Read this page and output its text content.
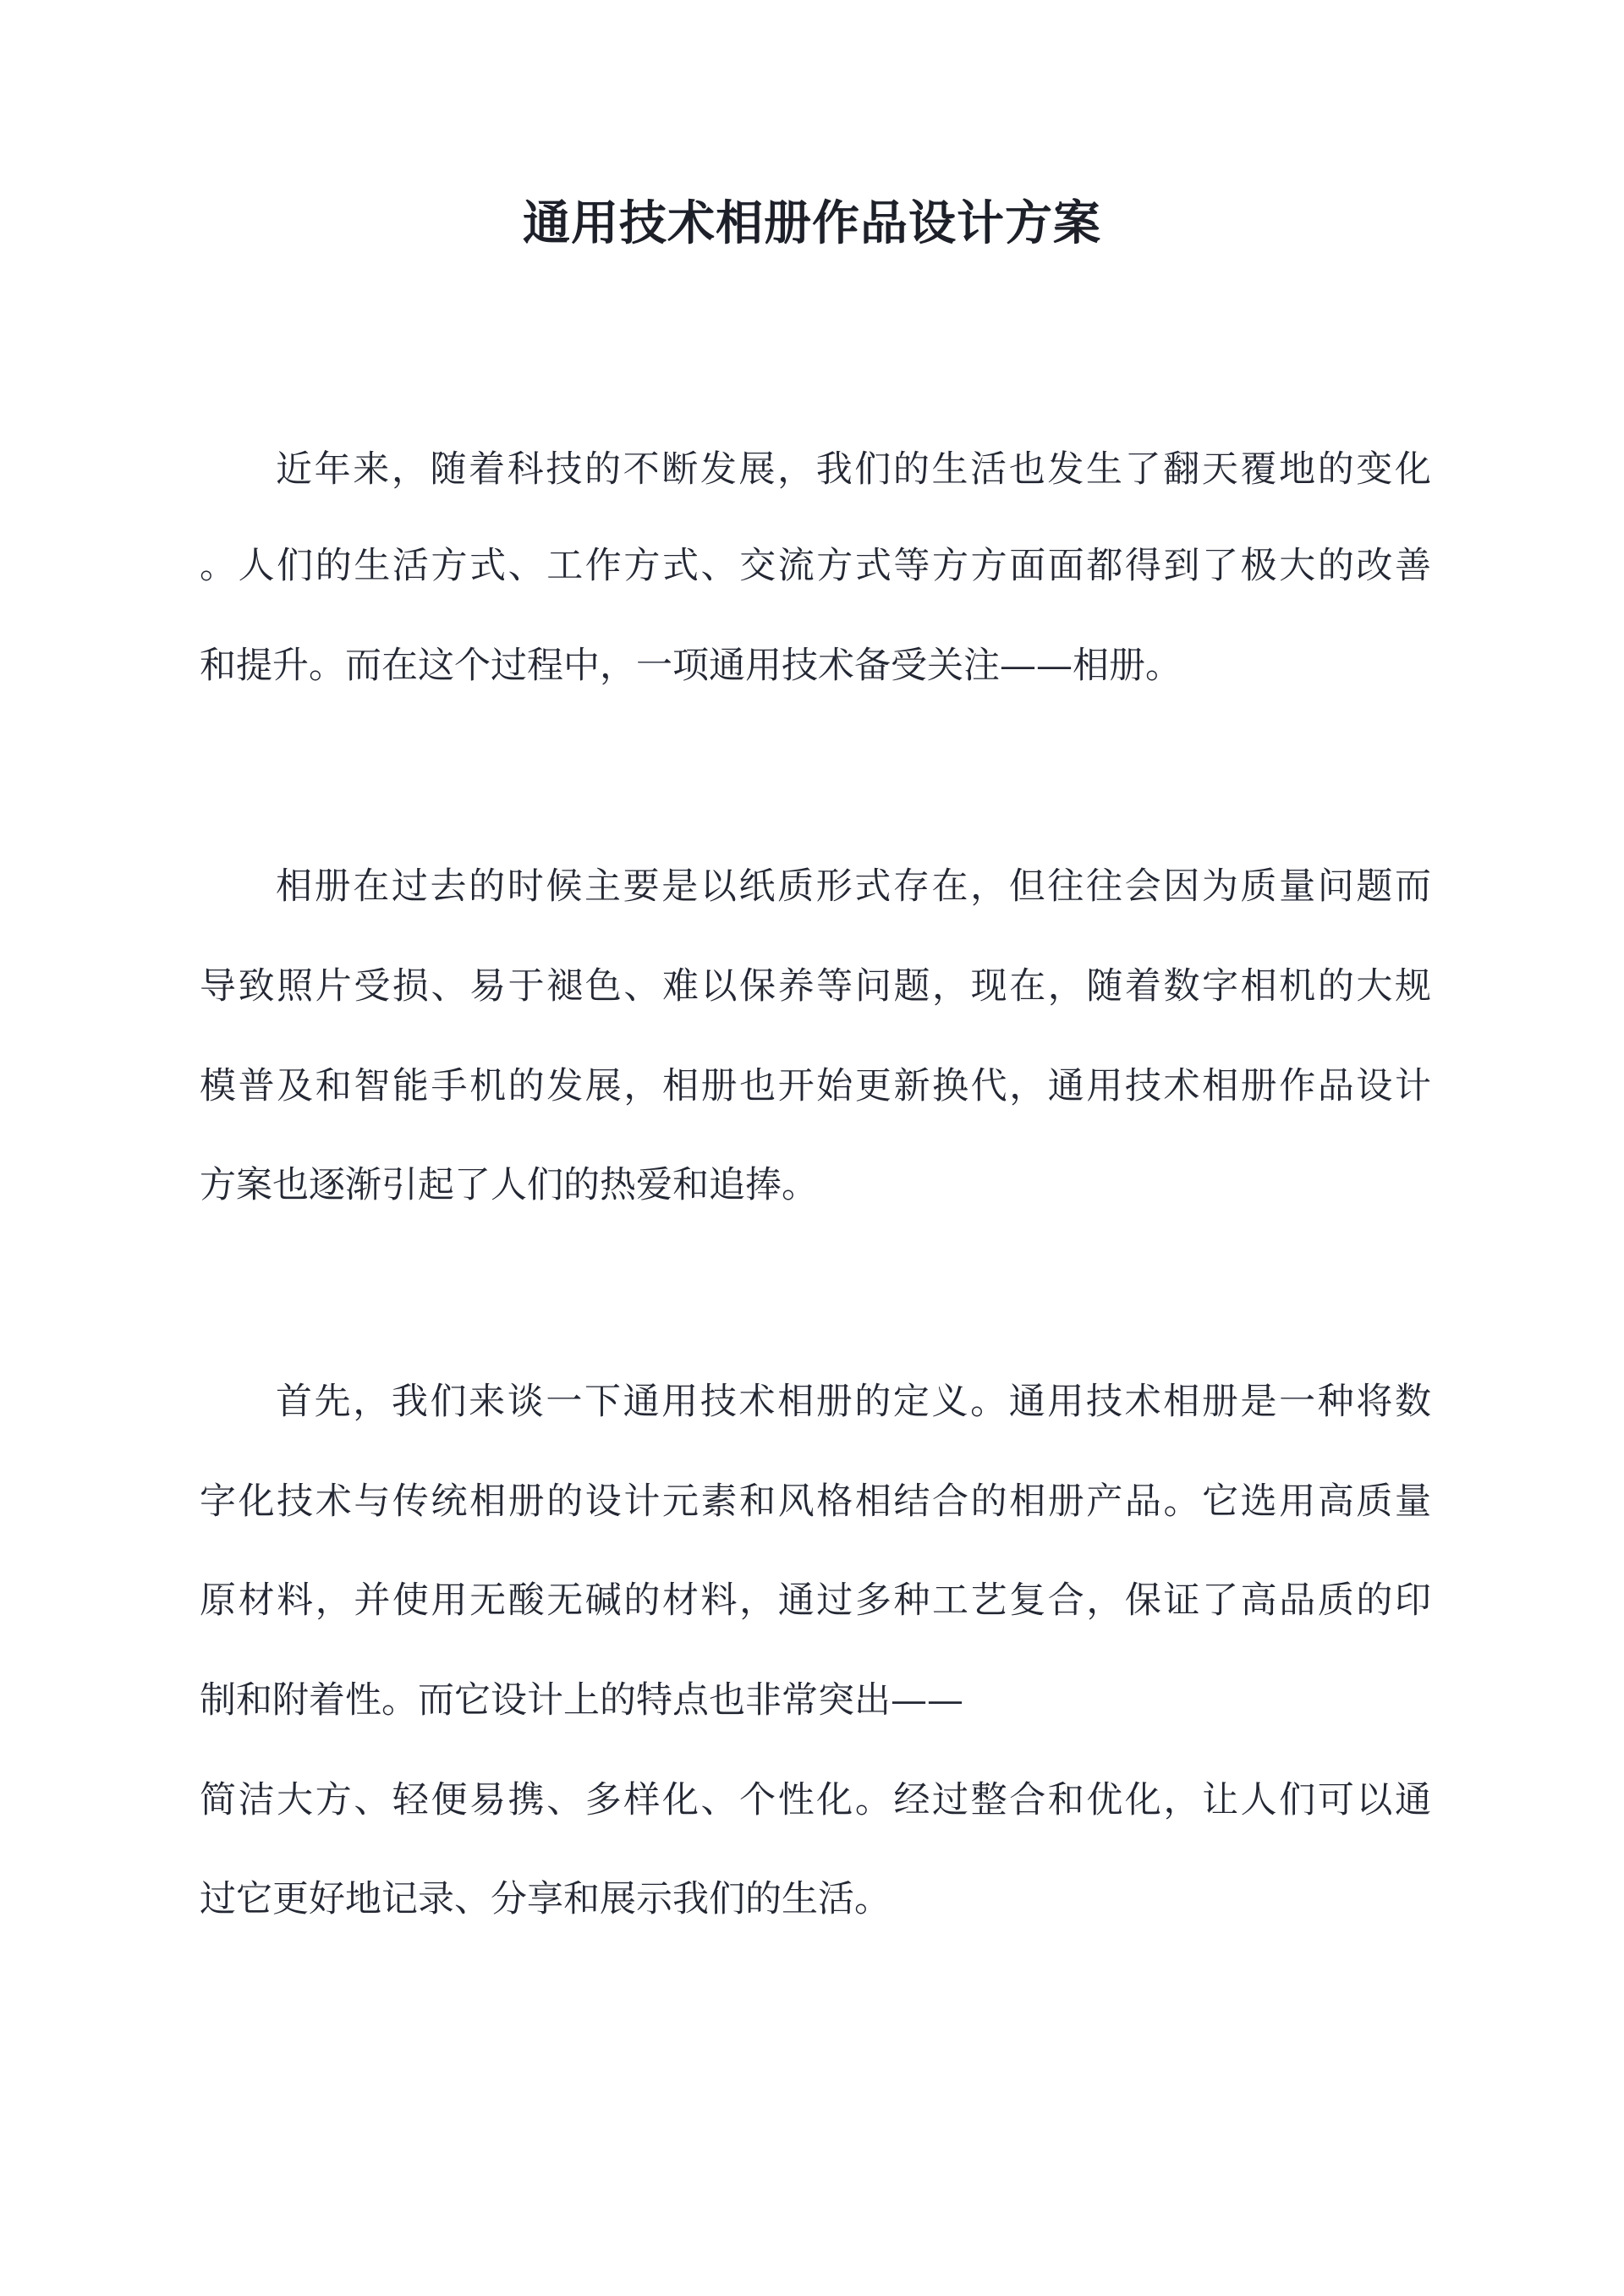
通用技术相册作品设计方案

近年来，随着科技的不断发展，我们的生活也发生了翻天覆地的变化

。人们的生活方式、工作方式、交流方式等方方面面都得到了极大的改善

和提升。而在这个过程中，一项通用技术备受关注——相册。

相册在过去的时候主要是以纸质形式存在，但往往会因为质量问题而

导致照片受损、易于褪色、难以保养等问题，现在，随着数字相机的大规

模普及和智能手机的发展，相册也开始更新换代，通用技术相册作品设计

方案也逐渐引起了人们的热爱和追捧。

首先，我们来谈一下通用技术相册的定义。通用技术相册是一种将数

字化技术与传统相册的设计元素和风格相结合的相册产品。它选用高质量

原材料，并使用无酸无碱的材料，通过多种工艺复合，保证了高品质的印

制和附着性。而它设计上的特点也非常突出——

简洁大方、轻便易携、多样化、个性化。经过整合和优化，让人们可以通

过它更好地记录、分享和展示我们的生活。
